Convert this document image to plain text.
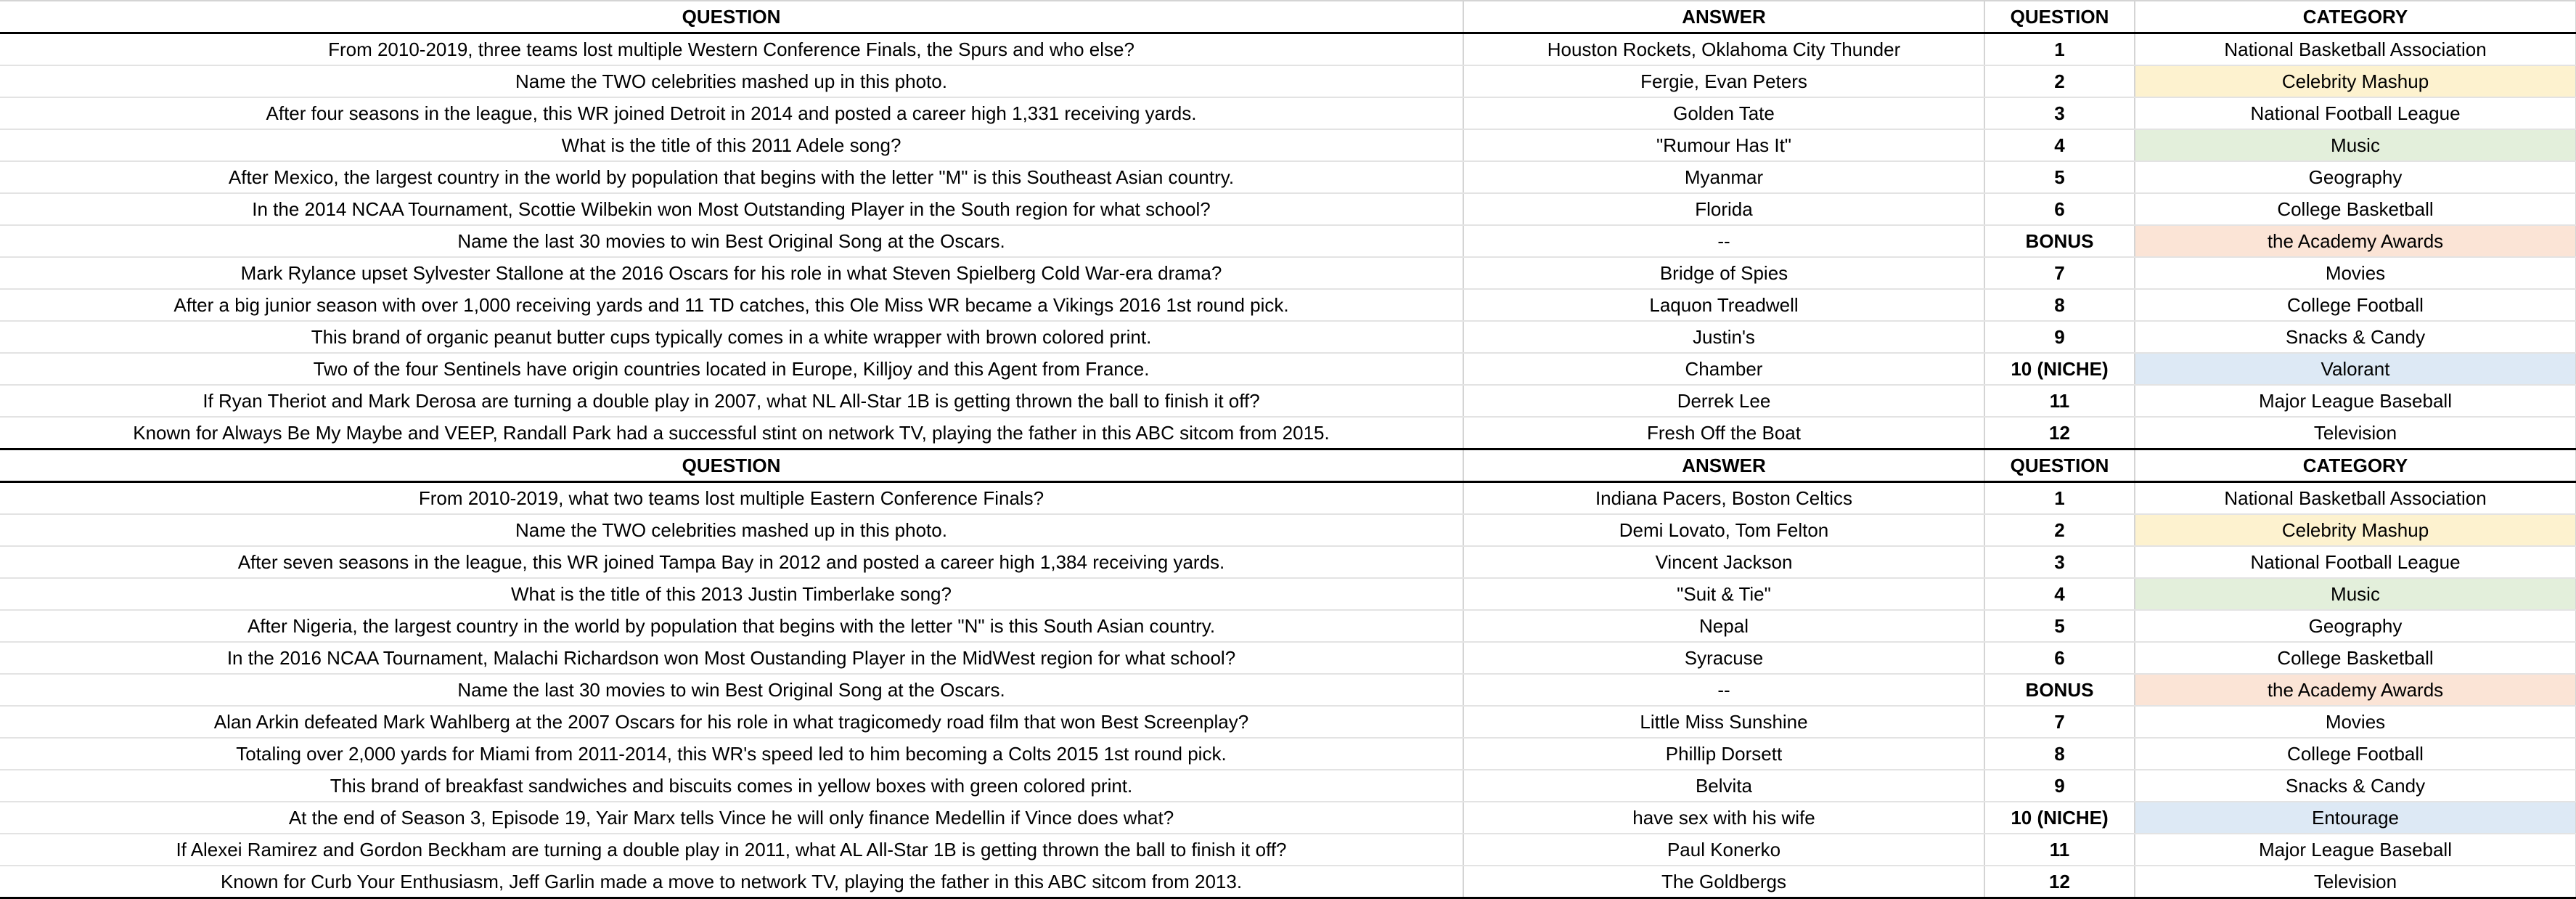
QUESTION	ANSWER	QUESTION	CATEGORY
From 2010-2019, three teams lost multiple Western Conference Finals, the Spurs and who else?	Houston Rockets, Oklahoma City Thunder	1	National Basketball Association
Name the TWO celebrities mashed up in this photo.	Fergie, Evan Peters	2	Celebrity Mashup
After four seasons in the league, this WR joined Detroit in 2014 and posted a career high 1,331 receiving yards.	Golden Tate	3	National Football League
What is the title of this 2011 Adele song?	"Rumour Has It"	4	Music
After Mexico, the largest country in the world by population that begins with the letter "M" is this Southeast Asian country.	Myanmar	5	Geography
In the 2014 NCAA Tournament, Scottie Wilbekin won Most Outstanding Player in the South region for what school?	Florida	6	College Basketball
Name the last 30 movies to win Best Original Song at the Oscars.	--	BONUS	the Academy Awards
Mark Rylance upset Sylvester Stallone at the 2016 Oscars for his role in what Steven Spielberg Cold War-era drama?	Bridge of Spies	7	Movies
After a big junior season with over 1,000 receiving yards and 11 TD catches, this Ole Miss WR became a Vikings 2016 1st round pick.	Laquon Treadwell	8	College Football
This brand of organic peanut butter cups typically comes in a white wrapper with brown colored print.	Justin's	9	Snacks & Candy
Two of the four Sentinels have origin countries located in Europe, Killjoy and this Agent from France.	Chamber	10 (NICHE)	Valorant
If Ryan Theriot and Mark Derosa are turning a double play in 2007, what NL All-Star 1B is getting thrown the ball to finish it off?	Derrek Lee	11	Major League Baseball
Known for Always Be My Maybe and VEEP, Randall Park had a successful stint on network TV, playing the father in this ABC sitcom from 2015.	Fresh Off the Boat	12	Television
QUESTION	ANSWER	QUESTION	CATEGORY
From 2010-2019, what two teams lost multiple Eastern Conference Finals?	Indiana Pacers, Boston Celtics	1	National Basketball Association
Name the TWO celebrities mashed up in this photo.	Demi Lovato, Tom Felton	2	Celebrity Mashup
After seven seasons in the league, this WR joined Tampa Bay in 2012 and posted a career high 1,384 receiving yards.	Vincent Jackson	3	National Football League
What is the title of this 2013 Justin Timberlake song?	"Suit & Tie"	4	Music
After Nigeria, the largest country in the world by population that begins with the letter "N" is this South Asian country.	Nepal	5	Geography
In the 2016 NCAA Tournament, Malachi Richardson won Most Oustanding Player in the MidWest region for what school?	Syracuse	6	College Basketball
Name the last 30 movies to win Best Original Song at the Oscars.	--	BONUS	the Academy Awards
Alan Arkin defeated Mark Wahlberg at the 2007 Oscars for his role in what tragicomedy road film that won Best Screenplay?	Little Miss Sunshine	7	Movies
Totaling over 2,000 yards for Miami from 2011-2014, this WR's speed led to him becoming a Colts 2015 1st round pick.	Phillip Dorsett	8	College Football
This brand of breakfast sandwiches and biscuits comes in yellow boxes with green colored print.	Belvita	9	Snacks & Candy
At the end of Season 3, Episode 19, Yair Marx tells Vince he will only finance Medellin if Vince does what?	have sex with his wife	10 (NICHE)	Entourage
If Alexei Ramirez and Gordon Beckham are turning a double play in 2011, what AL All-Star 1B is getting thrown the ball to finish it off?	Paul Konerko	11	Major League Baseball
Known for Curb Your Enthusiasm, Jeff Garlin made a move to network TV, playing the father in this ABC sitcom from 2013.	The Goldbergs	12	Television
